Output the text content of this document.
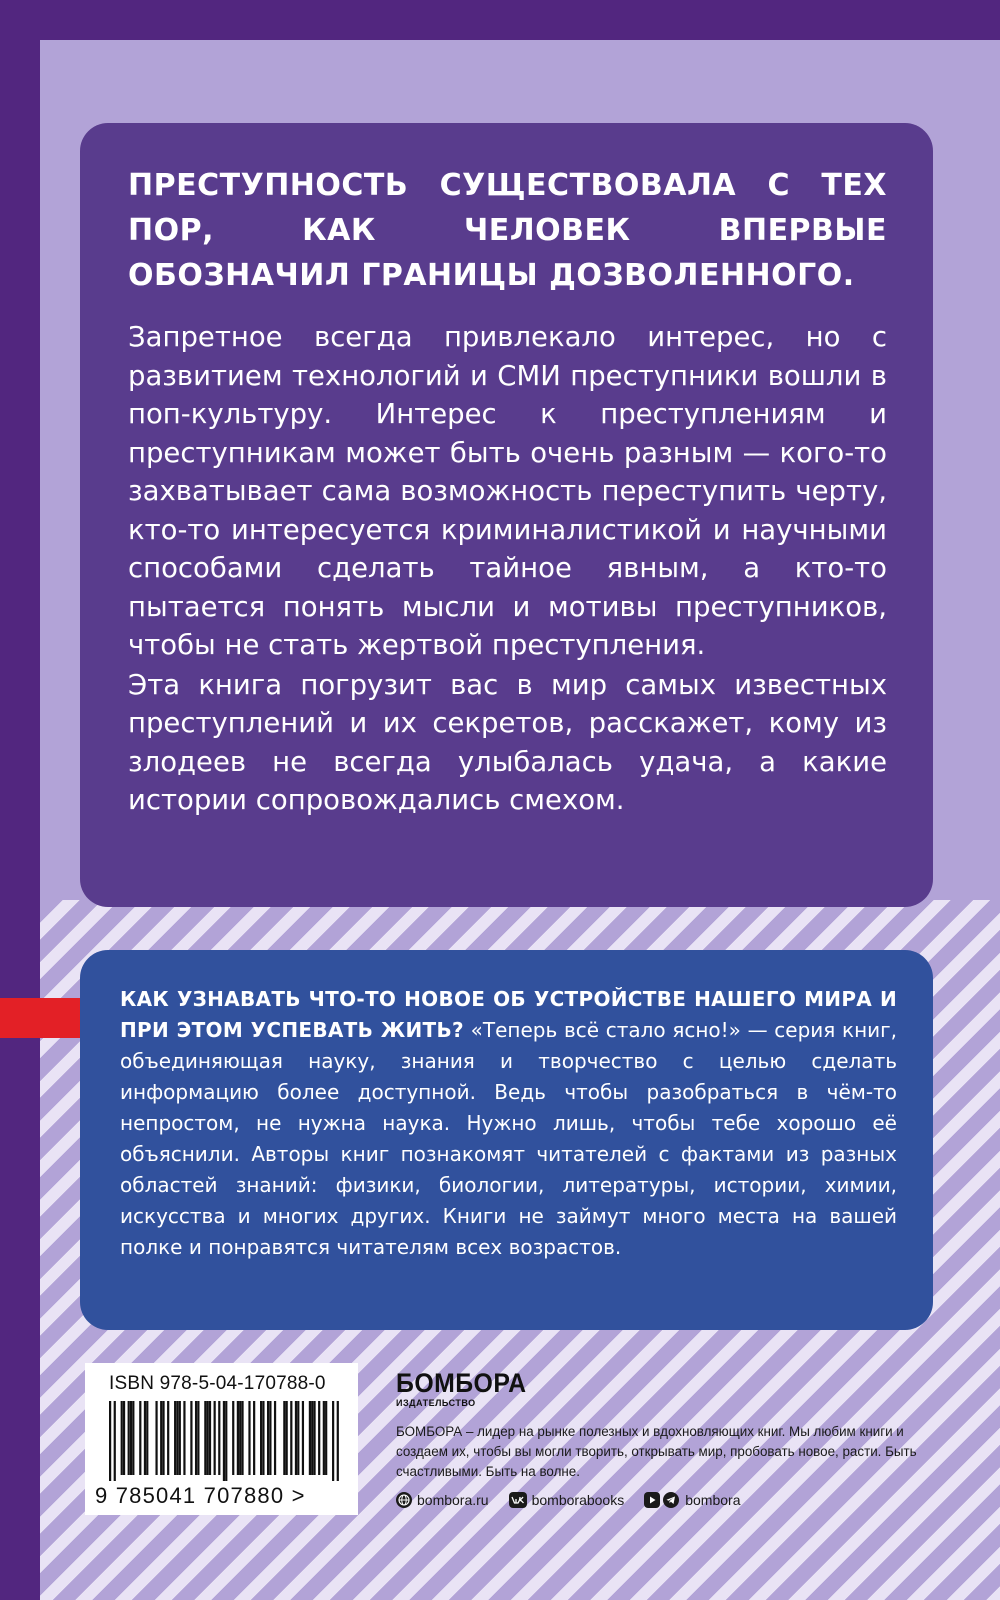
ПРЕСТУПНОСТЬ СУЩЕСТВОВАЛА С ТЕХ ПОР, КАК ЧЕЛОВЕК ВПЕРВЫЕ ОБОЗНАЧИЛ ГРАНИЦЫ ДОЗВОЛЕННОГО.

Запретное всегда привлекало интерес, но с развитием технологий и СМИ преступники вошли в поп-культуру. Интерес к преступлениям и преступникам может быть очень разным — кого-то захватывает сама возможность переступить черту, кто-то интересуется криминалистикой и научными способами сделать тайное явным, а кто-то пытается понять мысли и мотивы преступников, чтобы не стать жертвой преступления.

Эта книга погрузит вас в мир самых известных преступлений и их секретов, расскажет, кому из злодеев не всегда улыбалась удача, а какие истории сопровождались смехом.

КАК УЗНАВАТЬ ЧТО-ТО НОВОЕ ОБ УСТРОЙСТВЕ НАШЕГО МИРА И ПРИ ЭТОМ УСПЕВАТЬ ЖИТЬ? «Теперь всё стало ясно!» — серия книг, объединяющая науку, знания и творчество с целью сделать информацию более доступной. Ведь чтобы разобраться в чём-то непростом, не нужна наука. Нужно лишь, чтобы тебе хорошо её объяснили. Авторы книг познакомят читателей с фактами из разных областей знаний: физики, биологии, литературы, истории, химии, искусства и многих других. Книги не займут много места на вашей полке и понравятся читателям всех возрастов.

ISBN 978-5-04-170788-0
9 785041 707880 >
БОМБОРА
ИЗДАТЕЛЬСТВО

БОМБОРА – лидер на рынке полезных и вдохновляющих книг. Мы любим книги и создаем их, чтобы вы могли творить, открывать мир, пробовать новое, расти. Быть счастливыми. Быть на волне.

bombora.ru	bomborabooks	bombora
